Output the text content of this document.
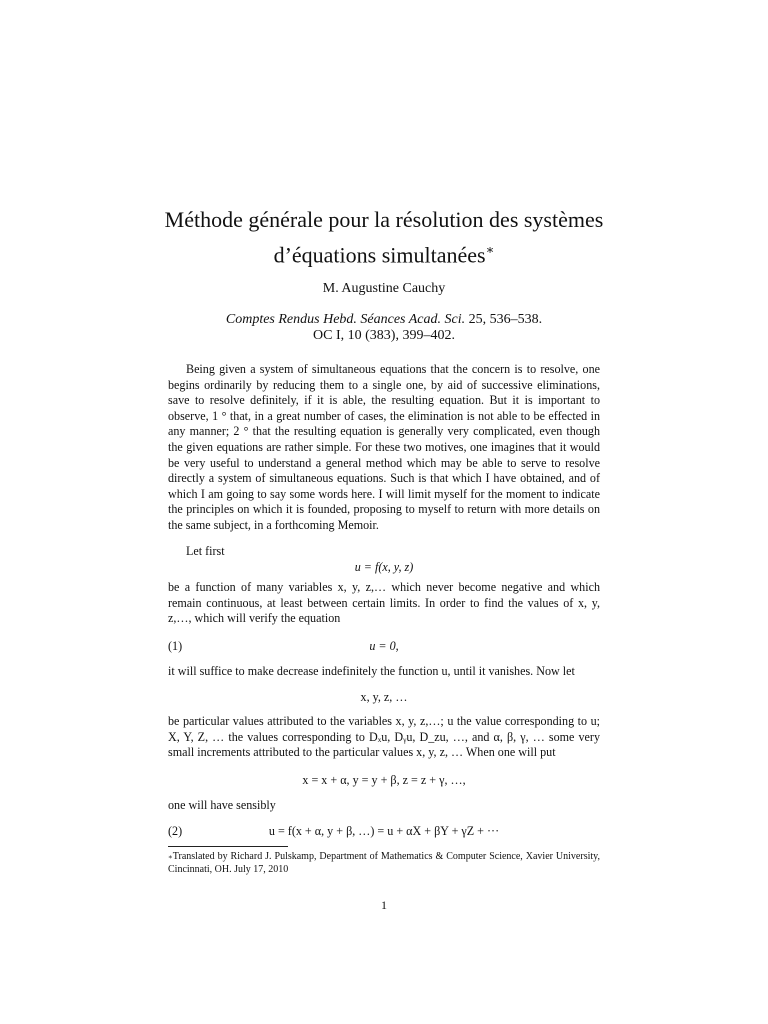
Méthode générale pour la résolution des systèmes
d’équations simultanées∗
M. Augustine Cauchy
Comptes Rendus Hebd. Séances Acad. Sci. 25, 536–538.
OC I, 10 (383), 399–402.

Being given a system of simultaneous equations that the concern is to resolve, one begins ordinarily by reducing them to a single one, by aid of successive eliminations, save to resolve definitely, if it is able, the resulting equation. But it is important to observe, 1 ° that, in a great number of cases, the elimination is not able to be effected in any manner; 2 ° that the resulting equation is generally very complicated, even though the given equations are rather simple. For these two motives, one imagines that it would be very useful to understand a general method which may be able to serve to resolve directly a system of simultaneous equations. Such is that which I have obtained, and of which I am going to say some words here. I will limit myself for the moment to indicate the principles on which it is founded, proposing to myself to return with more details on the same subject, in a forthcoming Memoir.

Let first
u = f(x, y, z)

be a function of many variables x, y, z,… which never become negative and which remain continuous, at least between certain limits. In order to find the values of x, y, z,…, which will verify the equation

(1)	u = 0,

it will suffice to make decrease indefinitely the function u, until it vanishes. Now let

x, y, z, …

be particular values attributed to the variables x, y, z,…; u the value corresponding to u; X, Y, Z, … the values corresponding to Dₓu, Dᵧu, D_zu, …, and α, β, γ, … some very small increments attributed to the particular values x, y, z, … When one will put

x = x + α, y = y + β, z = z + γ, …,
one will have sensibly
(2)	u = f(x + α, y + β, …) = u + αX + βY + γZ + ···
∗Translated by Richard J. Pulskamp, Department of Mathematics & Computer Science, Xavier University, Cincinnati, OH. July 17, 2010
1
